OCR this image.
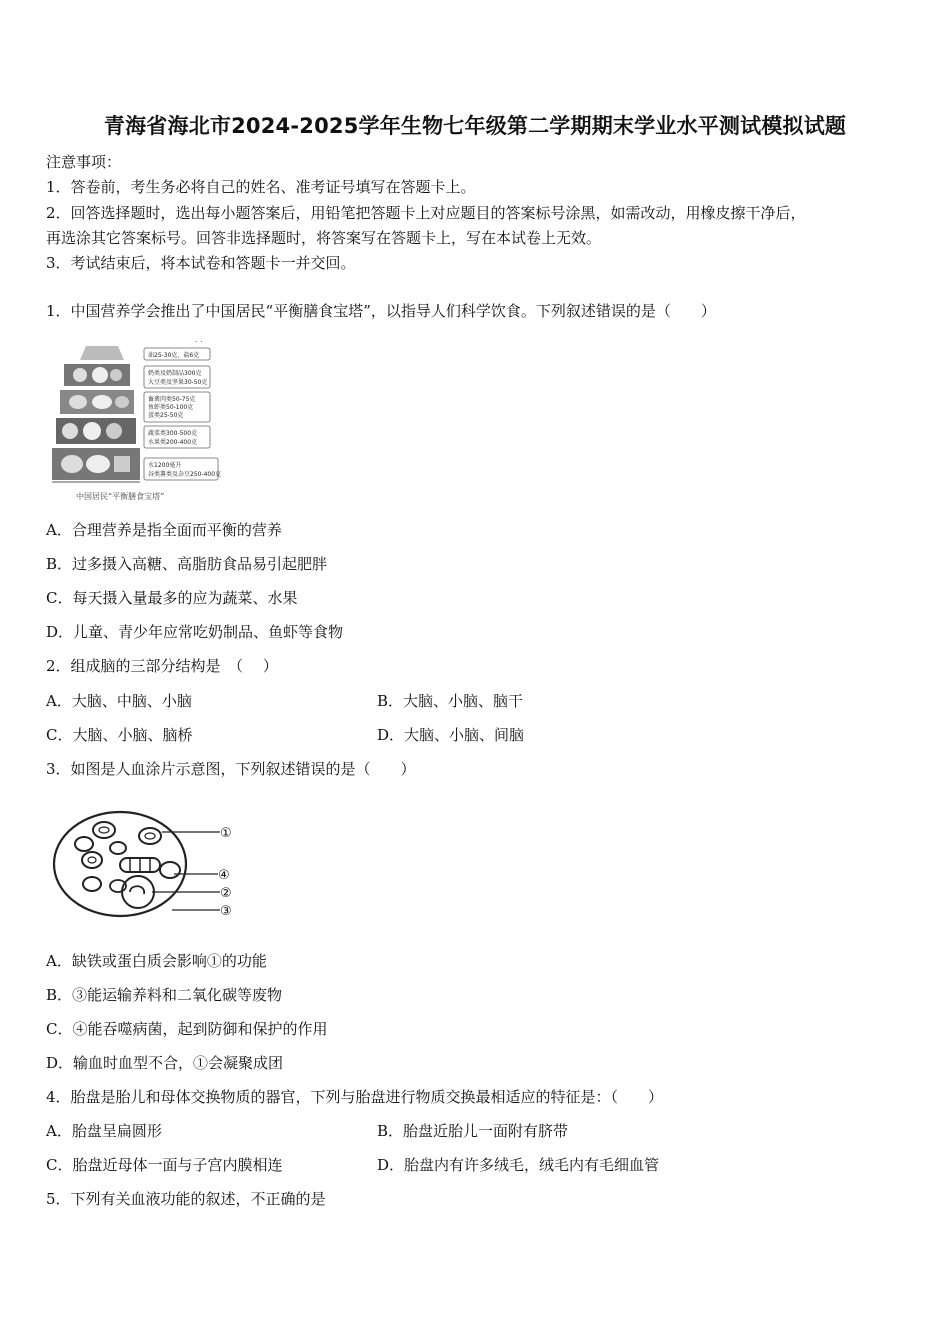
青海省海北市2024-2025学年生物七年级第二学期期末学业水平测试模拟试题
注意事项：
1．答卷前，考生务必将自己的姓名、准考证号填写在答题卡上。
2．回答选择题时，选出每小题答案后，用铅笔把答题卡上对应题目的答案标号涂黑，如需改动，用橡皮擦干净后，
再选涂其它答案标号。回答非选择题时，将答案写在答题卡上，写在本试卷上无效。
3．考试结束后，将本试卷和答题卡一并交回。
1．中国营养学会推出了中国居民“平衡膳食宝塔”，以指导人们科学饮食。下列叙述错误的是（　　）
. .
油25-30克，盐6克
奶类及奶制品300克
大豆类及坚果30-50克
畜禽肉类50-75克
鱼虾类50-100克
蛋类25-50克
蔬菜类300-500克
水果类200-400克
水1200毫升
谷类薯类及杂豆250-400克
中国居民“平衡膳食宝塔”
A．合理营养是指全面而平衡的营养
B．过多摄入高糖、高脂肪食品易引起肥胖
C．每天摄入量最多的应为蔬菜、水果
D．儿童、青少年应常吃奶制品、鱼虾等食物
2．组成脑的三部分结构是　（　 ）
A．大脑、中脑、小脑	B．大脑、小脑、脑干
C．大脑、小脑、脑桥	D．大脑、小脑、间脑
3．如图是人血涂片示意图，下列叙述错误的是（　　）
①
④
②
③
A．缺铁或蛋白质会影响①的功能
B．③能运输养料和二氧化碳等废物
C．④能吞噬病菌，起到防御和保护的作用
D．输血时血型不合，①会凝聚成团
4．胎盘是胎儿和母体交换物质的器官，下列与胎盘进行物质交换最相适应的特征是：（　　）
A．胎盘呈扁圆形	B．胎盘近胎儿一面附有脐带
C．胎盘近母体一面与子宫内膜相连	D．胎盘内有许多绒毛，绒毛内有毛细血管
5．下列有关血液功能的叙述，不正确的是
